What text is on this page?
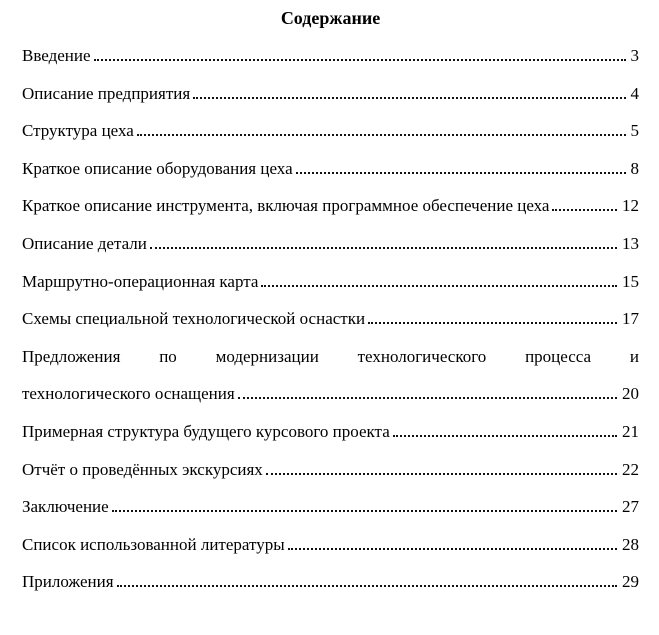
Содержание
Введение	3
Описание предприятия	4
Структура цеха	5
Краткое описание оборудования цеха	8
Краткое описание инструмента, включая программное обеспечение цеха	12
Описание детали	13
Маршрутно-операционная карта	15
Схемы специальной технологической оснастки	17
Предложения по модернизации технологического процесса и
технологического оснащения	20
Примерная структура будущего курсового проекта	21
Отчёт о проведённых экскурсиях	22
Заключение	27
Список использованной литературы	28
Приложения	29
